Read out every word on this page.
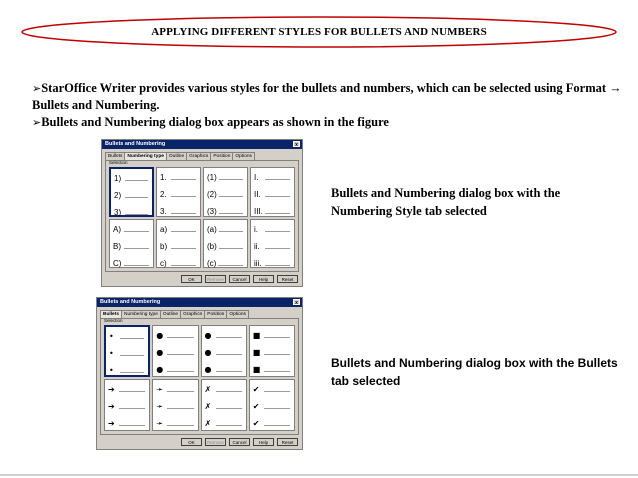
APPLYING DIFFERENT STYLES FOR BULLETS AND NUMBERS

➢StarOffice Writer provides various styles for the bullets and numbers, which can be selected using Format → Bullets and Numbering.

➢Bullets and Numbering dialog box appears as shown in the figure

Bullets and Numbering	x
Bullets	Numbering type	Outline	Graphics	Position	Options
Selection
1)
2)
3)
1.
2.
3.
(1)
(2)
(3)
I.
II.
III.
A)
B)
C)
a)
b)
c)
(a)
(b)
(c)
i.
ii.
iii.
OK	Remove	Cancel	Help	Reset
Bullets and Numbering	x
Bullets	Numbering type	Outline	Graphics	Position	Options
Selection
•
•
•
●
●
●
●
●
●
■
■
■
➔
➔
➔
➛
➛
➛
✗
✗
✗
✔
✔
✔
OK	Remove	Cancel	Help	Reset
Bullets and Numbering dialog box with the Numbering Style tab selected
Bullets and Numbering dialog box with the Bullets tab selected
